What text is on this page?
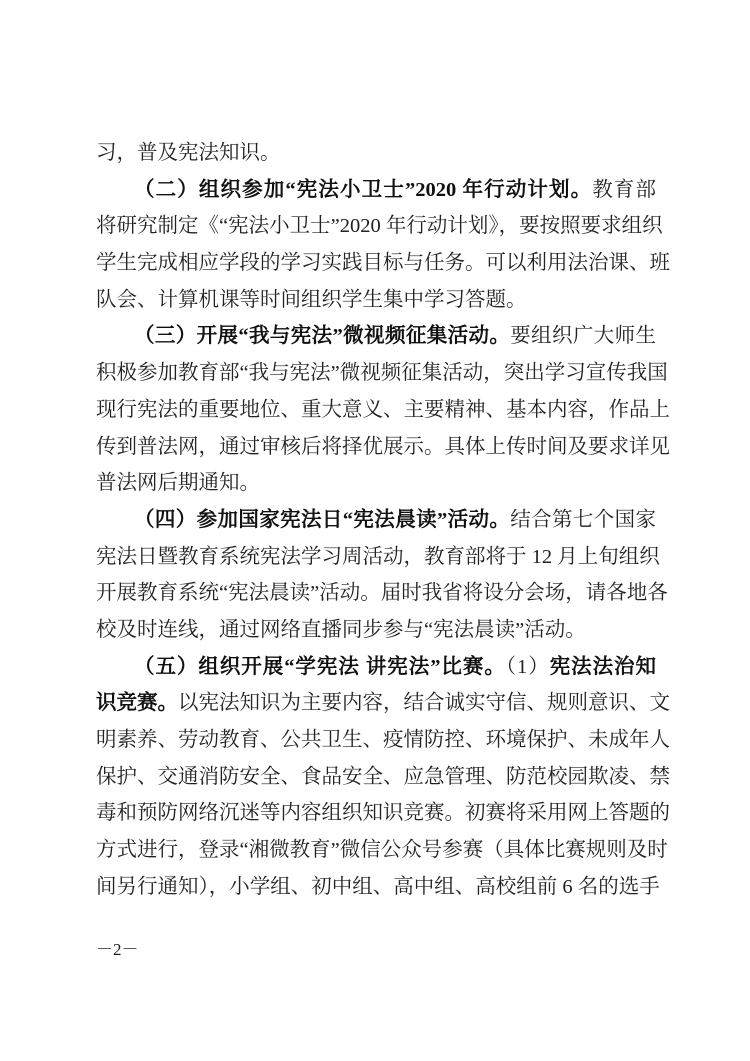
习，普及宪法知识。
（二）组织参加“宪法小卫士”2020 年行动计划。教育部
将研究制定《“宪法小卫士”2020 年行动计划》，要按照要求组织
学生完成相应学段的学习实践目标与任务。可以利用法治课、班
队会、计算机课等时间组织学生集中学习答题。
（三）开展“我与宪法”微视频征集活动。要组织广大师生
积极参加教育部“我与宪法”微视频征集活动，突出学习宣传我国
现行宪法的重要地位、重大意义、主要精神、基本内容，作品上
传到普法网，通过审核后将择优展示。具体上传时间及要求详见
普法网后期通知。
（四）参加国家宪法日“宪法晨读”活动。结合第七个国家
宪法日暨教育系统宪法学习周活动，教育部将于 12 月上旬组织
开展教育系统“宪法晨读”活动。届时我省将设分会场，请各地各
校及时连线，通过网络直播同步参与“宪法晨读”活动。
（五）组织开展“学宪法 讲宪法”比赛。（1）宪法法治知
识竞赛。以宪法知识为主要内容，结合诚实守信、规则意识、文
明素养、劳动教育、公共卫生、疫情防控、环境保护、未成年人
保护、交通消防安全、食品安全、应急管理、防范校园欺凌、禁
毒和预防网络沉迷等内容组织知识竞赛。初赛将采用网上答题的
方式进行，登录“湘微教育”微信公众号参赛（具体比赛规则及时
间另行通知），小学组、初中组、高中组、高校组前 6 名的选手
－2－
